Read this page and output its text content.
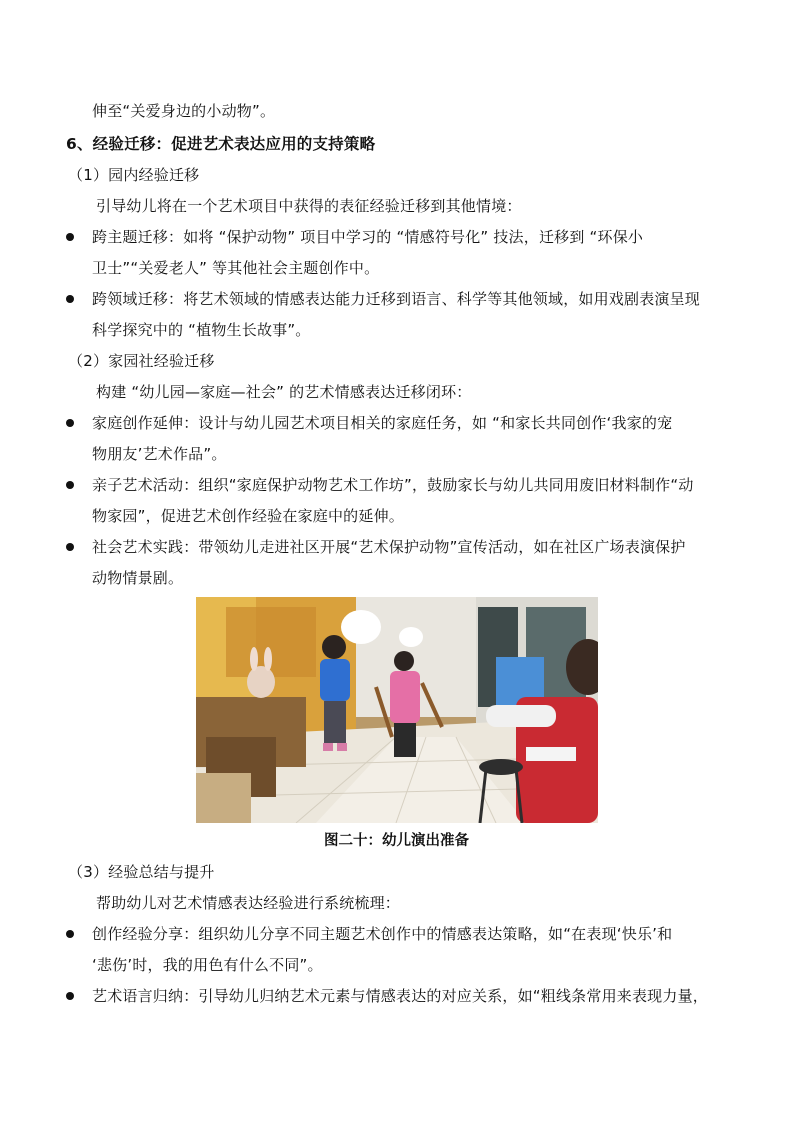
伸至“关爱身边的小动物”。
6、经验迁移：促进艺术表达应用的支持策略
（1）园内经验迁移
引导幼儿将在一个艺术项目中获得的表征经验迁移到其他情境：
跨主题迁移：如将 “保护动物” 项目中学习的 “情感符号化” 技法，迁移到 “环保小
卫士”“关爱老人” 等其他社会主题创作中。
跨领域迁移：将艺术领域的情感表达能力迁移到语言、科学等其他领域，如用戏剧表演呈现
科学探究中的 “植物生长故事”。
（2）家园社经验迁移
构建 “幼儿园—家庭—社会” 的艺术情感表达迁移闭环：
家庭创作延伸：设计与幼儿园艺术项目相关的家庭任务，如 “和家长共同创作‘我家的宠
物朋友’艺术作品”。
亲子艺术活动：组织“家庭保护动物艺术工作坊”，鼓励家长与幼儿共同用废旧材料制作“动
物家园”，促进艺术创作经验在家庭中的延伸。
社会艺术实践：带领幼儿走进社区开展“艺术保护动物”宣传活动，如在社区广场表演保护
动物情景剧。
图二十：幼儿演出准备
（3）经验总结与提升
帮助幼儿对艺术情感表达经验进行系统梳理：
创作经验分享：组织幼儿分享不同主题艺术创作中的情感表达策略，如“在表现‘快乐’和
‘悲伤’时，我的用色有什么不同”。
艺术语言归纳：引导幼儿归纳艺术元素与情感表达的对应关系，如“粗线条常用来表现力量，
